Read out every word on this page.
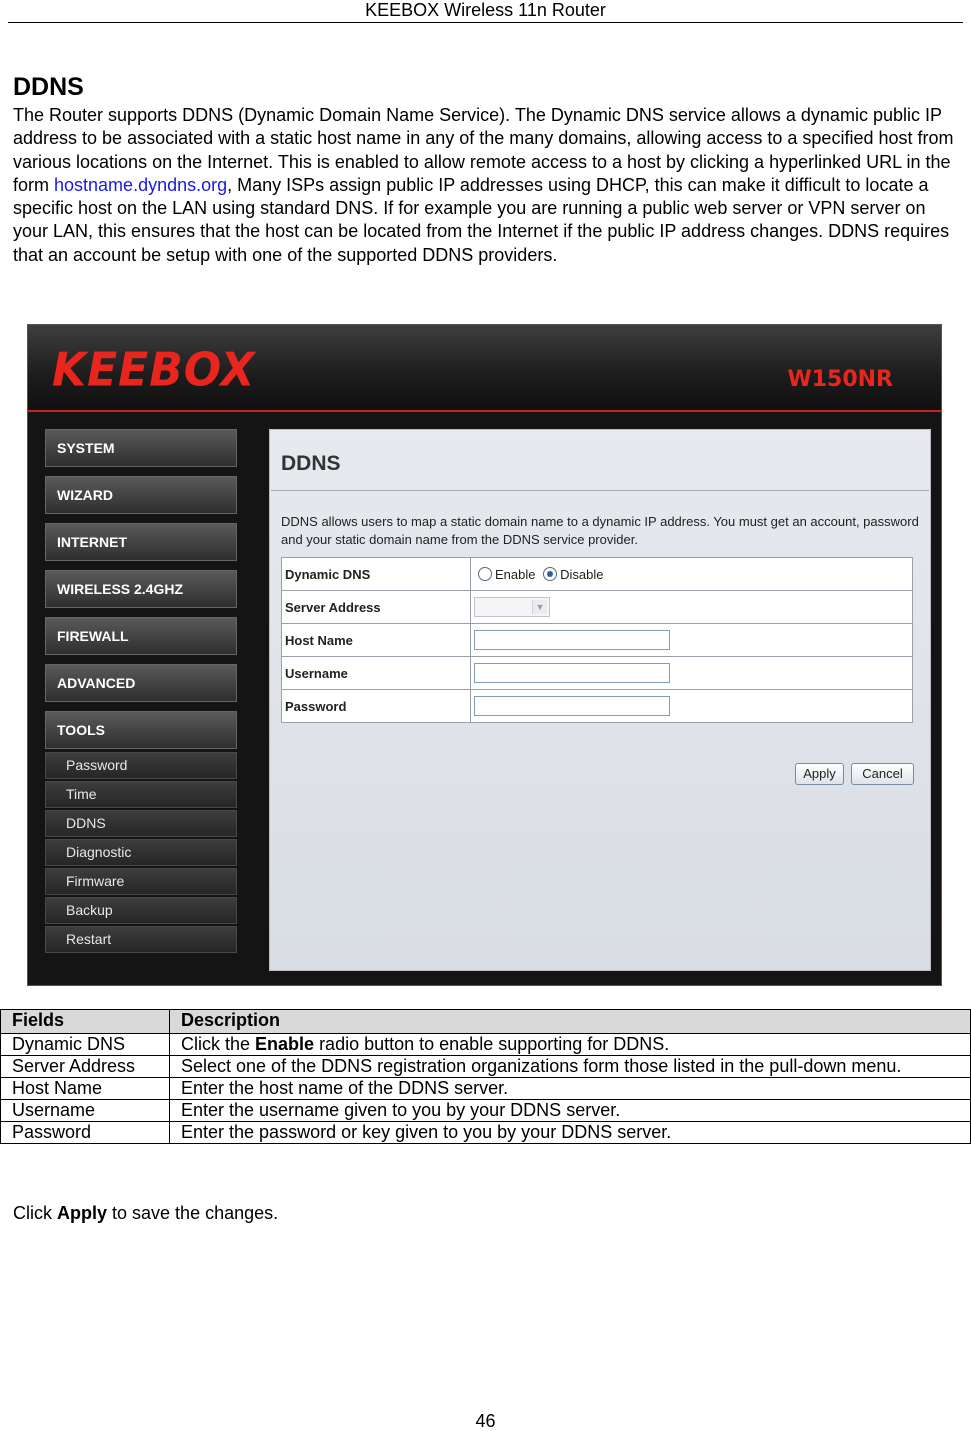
KEEBOX Wireless 11n Router
DDNS
The Router supports DDNS (Dynamic Domain Name Service). The Dynamic DNS service allows a dynamic public IP address to be associated with a static host name in any of the many domains, allowing access to a specified host from various locations on the Internet. This is enabled to allow remote access to a host by clicking a hyperlinked URL in the form hostname.dyndns.org, Many ISPs assign public IP addresses using DHCP, this can make it difficult to locate a specific host on the LAN using standard DNS. If for example you are running a public web server or VPN server on your LAN, this ensures that the host can be located from the Internet if the public IP address changes. DDNS requires that an account be setup with one of the supported DDNS providers.
KEEBOX	W150NR
SYSTEM
WIZARD
INTERNET
WIRELESS 2.4GHZ
FIREWALL
ADVANCED
TOOLS
Password
Time
DDNS
Diagnostic
Firmware
Backup
Restart
DDNS
DDNS allows users to map a static domain name to a dynamic IP address. You must get an account, password and your static domain name from the DDNS service provider.
Dynamic DNS	Enable Disable
Server Address	▼

Host Name	
Username	
Password	
Apply	Cancel
Fields	Description
Dynamic DNS	Click the Enable radio button to enable supporting for DDNS.
Server Address	Select one of the DDNS registration organizations form those listed in the pull-down menu.
Host Name	Enter the host name of the DDNS server.
Username	Enter the username given to you by your DDNS server.
Password	Enter the password or key given to you by your DDNS server.
Click Apply to save the changes.
46
